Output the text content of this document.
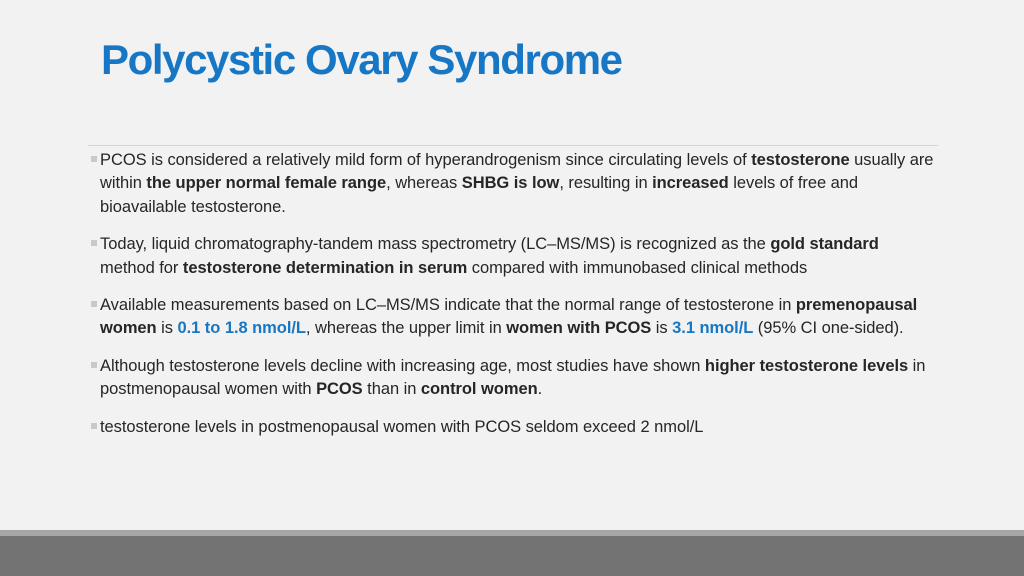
Polycystic Ovary Syndrome
PCOS is considered a relatively mild form of hyperandrogenism since circulating levels of testosterone usually are within the upper normal female range, whereas SHBG is low, resulting in increased levels of free and bioavailable testosterone.
Today, liquid chromatography-tandem mass spectrometry (LC–MS/MS) is recognized as the gold standard method for testosterone determination in serum compared with immunobased clinical methods
Available measurements based on LC–MS/MS indicate that the normal range of testosterone in premenopausal women is 0.1 to 1.8 nmol/L, whereas the upper limit in women with PCOS is 3.1 nmol/L (95% CI one-sided).
Although testosterone levels decline with increasing age, most studies have shown higher testosterone levels in postmenopausal women with PCOS than in control women.
testosterone levels in postmenopausal women with PCOS seldom exceed 2 nmol/L
